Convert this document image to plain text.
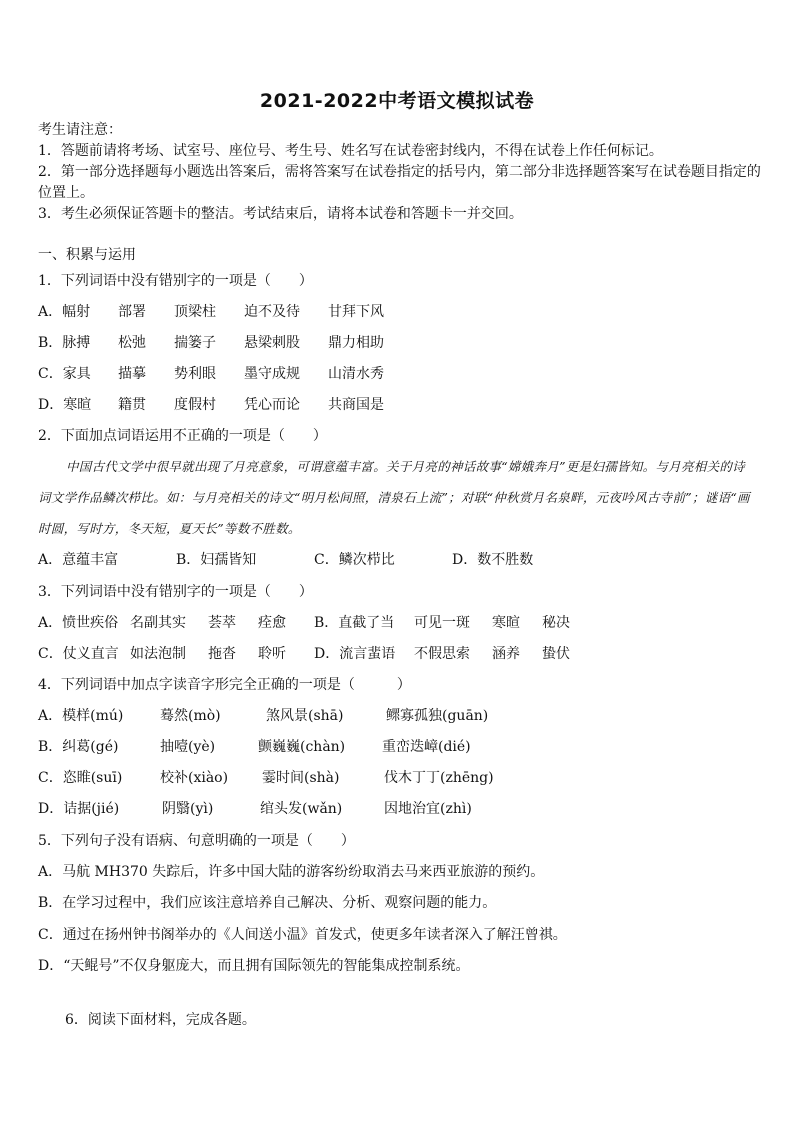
2021-2022中考语文模拟试卷
考生请注意：
1．答题前请将考场、试室号、座位号、考生号、姓名写在试卷密封线内，不得在试卷上作任何标记。
2．第一部分选择题每小题选出答案后，需将答案写在试卷指定的括号内，第二部分非选择题答案写在试卷题目指定的
位置上。
3．考生必须保证答题卡的整洁。考试结束后，请将本试卷和答题卡一并交回。
一、积累与运用
1．下列词语中没有错别字的一项是（　　）
A．幅射 部署 顶梁柱 迫不及待 甘拜下风
B．脉搏 松弛 揣篓子 悬梁刺股 鼎力相助
C．家具 描摹 势利眼 墨守成规 山清水秀
D．寒暄 籍贯 度假村 凭心而论 共商国是
2．下面加点词语运用不正确的一项是（　　）
中国古代文学中很早就出现了月亮意象，可谓意蕴丰富。关于月亮的神话故事“嫦娥奔月”更是妇孺皆知。与月亮相关的诗词文学作品鳞次栉比。如：与月亮相关的诗文“明月松间照，清泉石上流”；对联“仲秋赏月名泉畔，元夜吟风古寺前”；谜语“画时圆，写时方，冬天短，夏天长”等数不胜数。
A．意蕴丰富	B．妇孺皆知	C．鳞次栉比	D．数不胜数
3．下列词语中没有错别字的一项是（　　）
A．愤世疾俗 名副其实 荟萃 痊愈 B．直截了当 可见一斑 寒暄 秘决
C．仗义直言 如法泡制 拖沓 聆听 D．流言蜚语 不假思索 涵养 蛰伏
4．下列词语中加点字读音字形完全正确的一项是（　　　）
A．模样(mú)	蓦然(mò)	煞风景(shā)	鳏寡孤独(guān)
B．纠葛(gé)	抽噎(yè)	颤巍巍(chàn)	重峦迭嶂(dié)
C．恣睢(suī)	校补(xiào) 霎时间(shà)	伐木丁丁(zhēng)
D．诘据(jié)	阴翳(yì)	绾头发(wǎn)	因地治宜(zhì)
5．下列句子没有语病、句意明确的一项是（　　）
A．马航 MH370 失踪后，许多中国大陆的游客纷纷取消去马来西亚旅游的预约。
B．在学习过程中，我们应该注意培养自己解决、分析、观察问题的能力。
C．通过在扬州钟书阁举办的《人间送小温》首发式，使更多年读者深入了解汪曾祺。
D．“天鲲号”不仅身躯庞大，而且拥有国际领先的智能集成控制系统。
6．阅读下面材料，完成各题。
